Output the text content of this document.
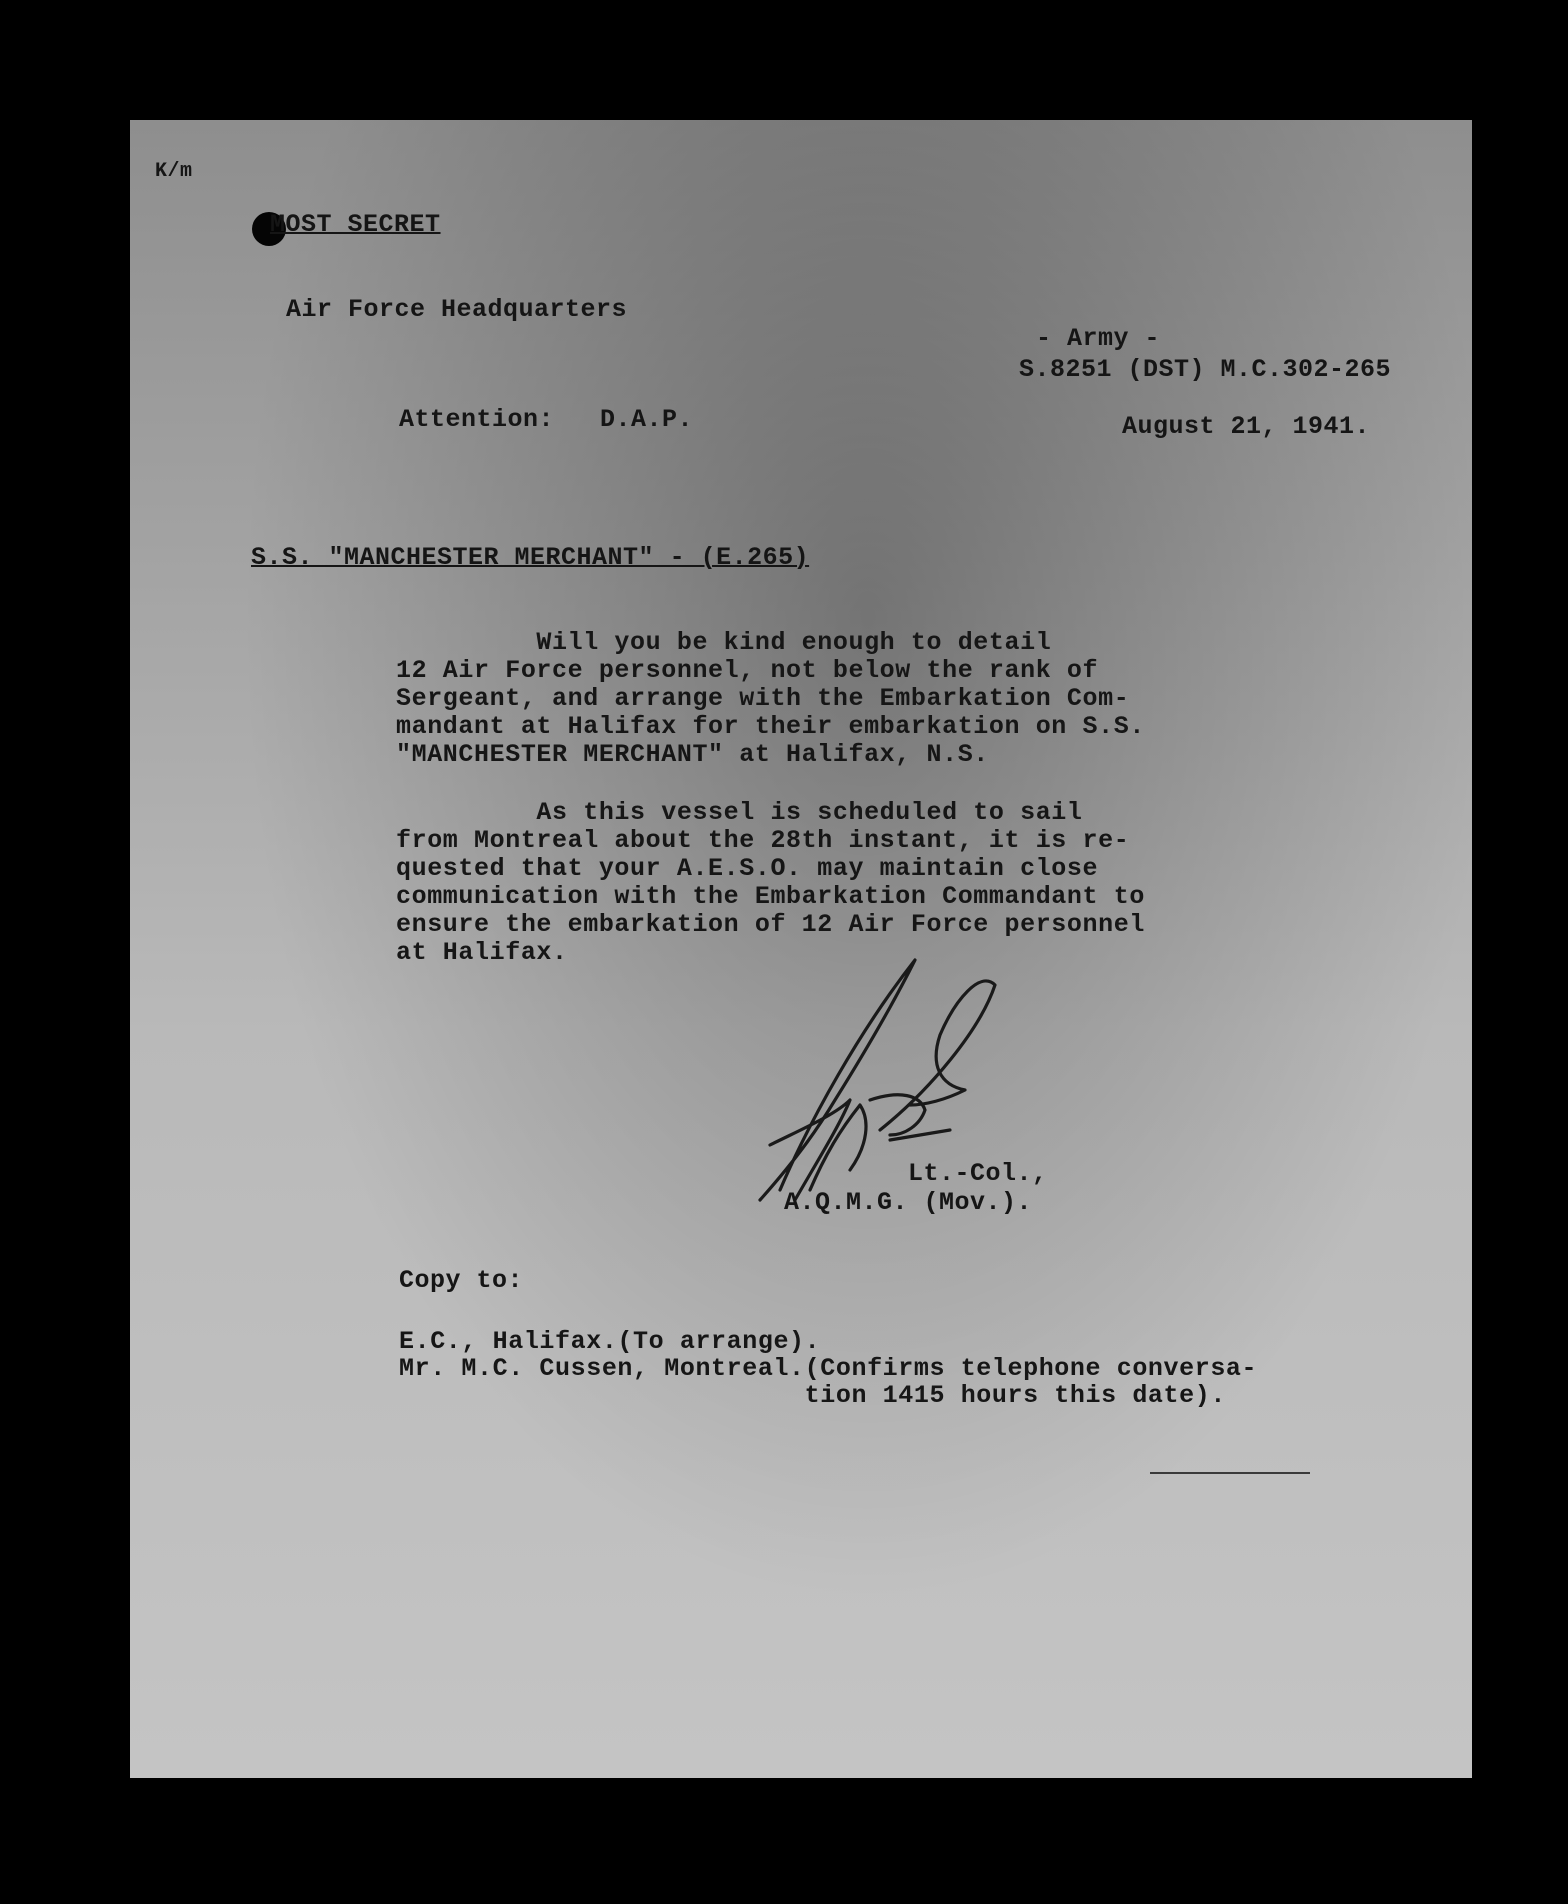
K/m
MOST SECRET
Air Force Headquarters
- Army -
S.8251 (DST) M.C.302-265
Attention: D.A.P.	August 21, 1941.
S.S. "MANCHESTER MERCHANT" - (E.265)
Will you be kind enough to detail
12 Air Force personnel, not below the rank of
Sergeant, and arrange with the Embarkation Com-
mandant at Halifax for their embarkation on S.S.
"MANCHESTER MERCHANT" at Halifax, N.S.
As this vessel is scheduled to sail
from Montreal about the 28th instant, it is re-
quested that your A.E.S.O. may maintain close
communication with the Embarkation Commandant to
ensure the embarkation of 12 Air Force personnel
at Halifax.
Lt.-Col.,
A.Q.M.G. (Mov.).
Copy to:
E.C., Halifax.(To arrange).
Mr. M.C. Cussen, Montreal.(Confirms telephone conversa-
tion 1415 hours this date).
